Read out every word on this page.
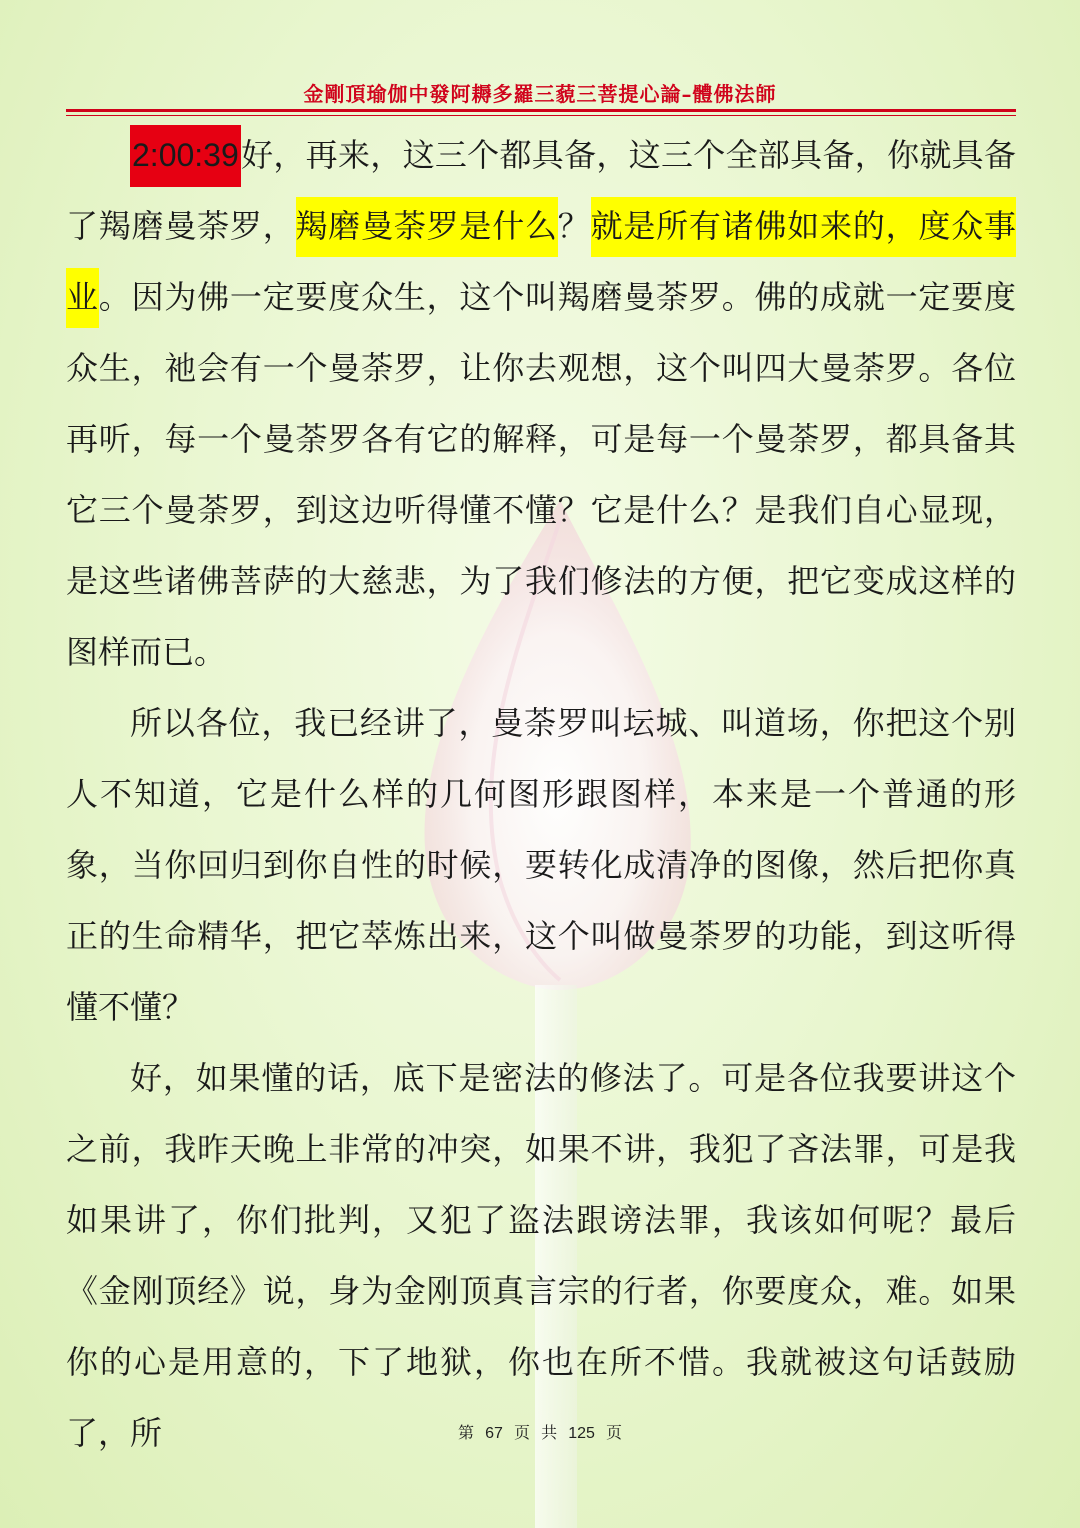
金剛頂瑜伽中發阿耨多羅三藐三菩提心論–體佛法師

2:00:39好，再来，这三个都具备，这三个全部具备，你就具备了羯磨曼荼罗，羯磨曼荼罗是什么？就是所有诸佛如来的，度众事业。因为佛一定要度众生，这个叫羯磨曼荼罗。佛的成就一定要度众生，祂会有一个曼荼罗，让你去观想，这个叫四大曼荼罗。各位再听，每一个曼荼罗各有它的解释，可是每一个曼荼罗，都具备其它三个曼荼罗，到这边听得懂不懂？它是什么？是我们自心显现，是这些诸佛菩萨的大慈悲，为了我们修法的方便，把它变成这样的图样而已。

所以各位，我已经讲了，曼荼罗叫坛城、叫道场，你把这个别人不知道，它是什么样的几何图形跟图样，本来是一个普通的形象，当你回归到你自性的时候，要转化成清净的图像，然后把你真正的生命精华，把它萃炼出来，这个叫做曼荼罗的功能，到这听得懂不懂？

好，如果懂的话，底下是密法的修法了。可是各位我要讲这个之前，我昨天晚上非常的冲突，如果不讲，我犯了吝法罪，可是我如果讲了，你们批判，又犯了盗法跟谤法罪，我该如何呢？最后《金刚顶经》说，身为金刚顶真言宗的行者，你要度众，难。如果你的心是用意的，下了地狱，你也在所不惜。我就被这句话鼓励了，所	第 67 页 共 125 页
